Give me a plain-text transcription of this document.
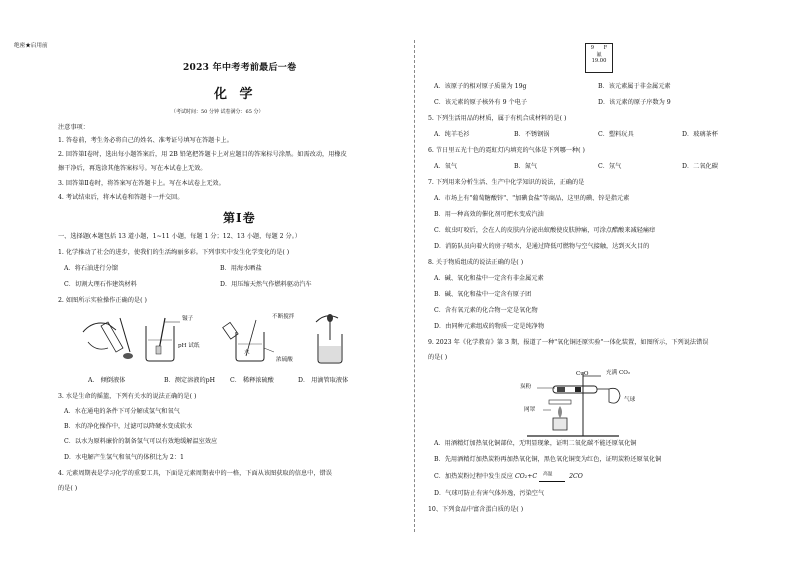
绝密★启用前
2023 年中考考前最后一卷
化 学
（考试时间：50 分钟 试卷满分：65 分）

注意事项：

1. 答卷前，考生务必将自己的姓名、准考证号填写在答题卡上。

2. 回答第Ⅰ卷时，选出每小题答案后，用 2B 铅笔把答题卡上对应题目的答案标号涂黑。如需改动，用橡皮

擦干净后，再选涂其他答案标号。写在本试卷上无效。

3. 回答第Ⅱ卷时，将答案写在答题卡上。写在本试卷上无效。

4. 考试结束后，将本试卷和答题卡一并交回。

第Ⅰ卷
一、选择题(本题包括 13 道小题，1~11 小题，每题 1 分；12、13 小题，每题 2 分。）
1. 化学推动了社会的进步，使我们的生活绚丽多彩。下列事实中发生化学变化的是( )
A．将石油进行分馏	B．用海水晒盐
C．切割大理石作建筑材料	D．用压缩天然气作燃料驱动汽车
2. 如图所示实验操作正确的是( )
镊子
pH 试纸
不断搅拌
浓硫酸
水
A． 倾倒液体	B．测定溶液的pH C． 稀释浓硫酸	D． 用滴管取液体
3. 水是生命的摇篮，下列有关水的说法正确的是( )
A．水在通电的条件下可分解成氢气和氧气
B．水的净化操作中，过滤可以降硬水变成软水
C．以水为原料廉价的制备氢气可以有效地缓解温室效应
D．水电解产生氢气和氧气的体积比为 2：1
4. 元素周期表是学习化学的重要工具，下面是元素周期表中的一格，下面从该图获取的信息中，错误
的是( )
9 F
氟
19.00
A．该原子的相对原子质量为 19g	B．该元素属于非金属元素
C．该元素的原子核外有 9 个电子	D．该元素的原子序数为 9
5. 下列生活用品的材质，属于有机合成材料的是( )
A．纯羊毛衫	B．不锈钢锅	C．塑料玩具	D．玻璃茶杯
6. 节日里五光十色的霓虹灯内填充的气体是下列哪一种( )
A．氧气	B．氮气	C．氖气	D．二氧化碳
7. 下列用来分析生活、生产中化学知识的说法，正确的是
A．市场上有"葡萄糖酸锌"、"加碘食盐"等商品，这里的碘、锌是指元素
B．用一种高效的催化剂可把水变成汽油
C．蚊虫叮咬后，会在人的皮肤内分泌出蚁酸使皮肤肿痛，可涂点醋酸来减轻痛痒
D．消防队员向着火的房子喷水，是通过降低可燃物与空气接触，达到灭火目的
8. 关于物质组成的说法正确的是( )
A．碱、氧化和盐中一定含有非金属元素
B．碱、氧化和盐中一定含有原子团
C．含有氧元素的化合物一定是氧化物
D．由同种元素组成的物质一定是纯净物
9. 2023 年《化学教育》第 3 期，报道了一种"氧化铜还原实验"一体化装置，如图所示，下列说法错误
的是( )
CuO	充满 CO₂
炭粉
网罩
气球
A．用酒精灯加热氧化铜部位，无明显现象，证明二氧化碳不能还原氧化铜
B．先用酒精灯加热炭粉再加热氧化铜，黑色氧化铜变为红色，证明炭粉还原氧化铜
C．加热炭粉过程中发生反应 CO₂+C 高温	2CO
D．气球可防止有害气体外逸，污染空气
10、下列食品中富含蛋白质的是( )
